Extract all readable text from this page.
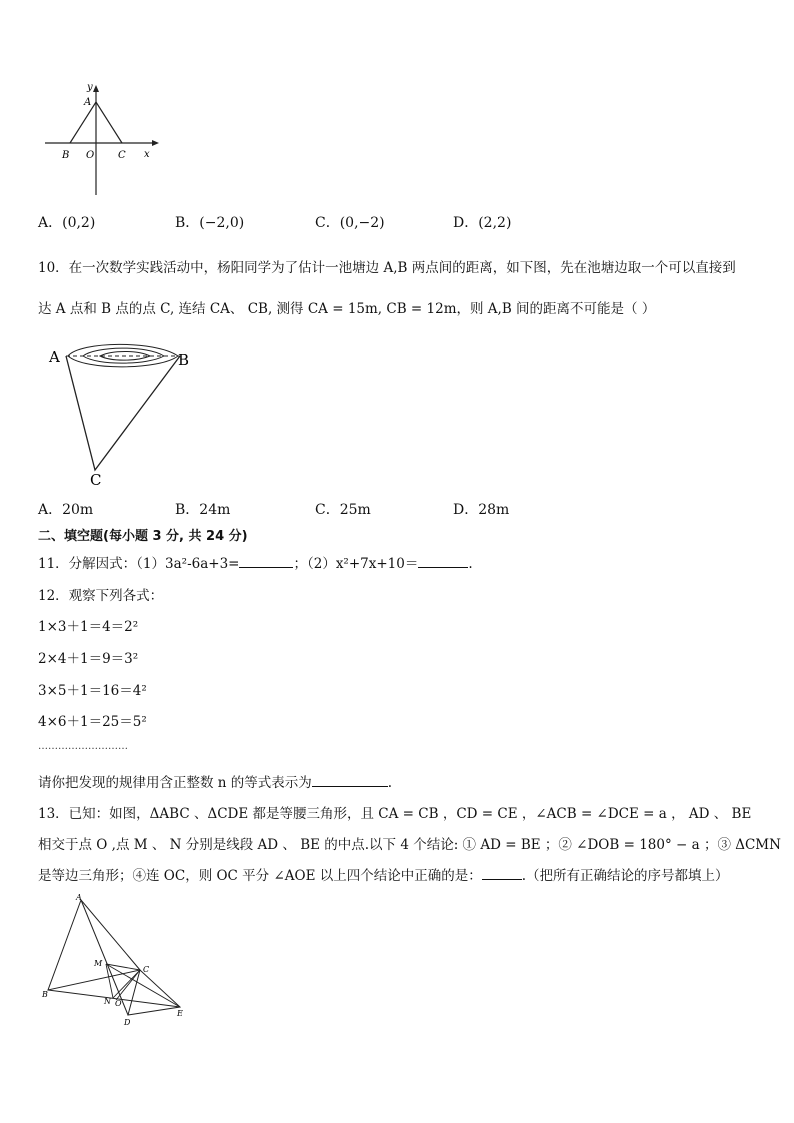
y
A
B O C x
A．(0,2)	B．(−2,0)	C．(0,−2)	D．(2,2)
10．在一次数学实践活动中，杨阳同学为了估计一池塘边 A,B 两点间的距离，如下图，先在池塘边取一个可以直接到
达 A 点和 B 点的点 C, 连结 CA、 CB, 测得 CA = 15m, CB = 12m，则 A,B 间的距离不可能是（ ）
A	B
C
A．20m	B．24m	C．25m	D．28m
二、填空题(每小题 3 分, 共 24 分)
11．分解因式：（1）3a²-6a+3=	；（2）x²+7x+10＝	.
12．观察下列各式：
1×3＋1＝4＝2²
2×4＋1＝9＝3²
3×5＋1＝16＝4²
4×6＋1＝25＝5²
………………………
请你把发现的规律用含正整数 n 的等式表示为	.
13．已知：如图，ΔABC 、ΔCDE 都是等腰三角形，且 CA = CB ，CD = CE ，∠ACB = ∠DCE = a ， AD 、 BE
相交于点 O ,点 M 、 N 分别是线段 AD 、 BE 的中点.以下 4 个结论: ① AD = BE ；② ∠DOB = 180° − a ；③ ΔCMN
是等边三角形；④连 OC，则 OC 平分 ∠AOE 以上四个结论中正确的是：	.（把所有正确结论的序号都填上）
A
M
C
B
N O
D
E
